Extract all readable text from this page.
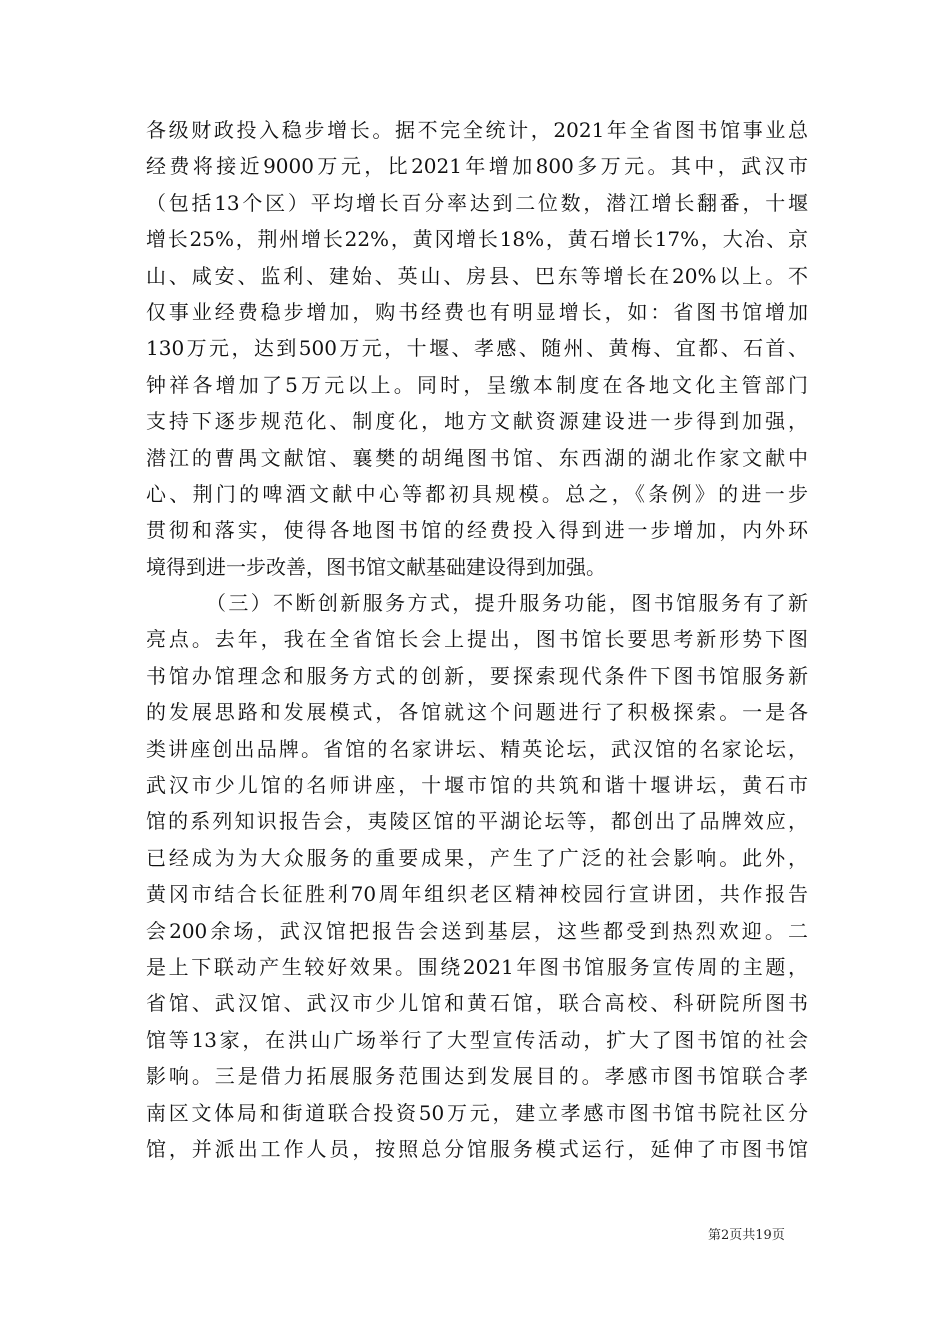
各级财政投入稳步增长。据不完全统计，2021年全省图书馆事业总
经费将接近9000万元，比2021年增加800多万元。其中，武汉市
（包括13个区）平均增长百分率达到二位数，潜江增长翻番，十堰
增长25%，荆州增长22%，黄冈增长18%，黄石增长17%，大冶、京
山、咸安、监利、建始、英山、房县、巴东等增长在20%以上。不
仅事业经费稳步增加，购书经费也有明显增长，如：省图书馆增加
130万元，达到500万元，十堰、孝感、随州、黄梅、宜都、石首、
钟祥各增加了5万元以上。同时，呈缴本制度在各地文化主管部门
支持下逐步规范化、制度化，地方文献资源建设进一步得到加强，
潜江的曹禺文献馆、襄樊的胡绳图书馆、东西湖的湖北作家文献中
心、荆门的啤酒文献中心等都初具规模。总之，《条例》的进一步
贯彻和落实，使得各地图书馆的经费投入得到进一步增加，内外环
境得到进一步改善，图书馆文献基础建设得到加强。
（三）不断创新服务方式，提升服务功能，图书馆服务有了新
亮点。去年，我在全省馆长会上提出，图书馆长要思考新形势下图
书馆办馆理念和服务方式的创新，要探索现代条件下图书馆服务新
的发展思路和发展模式，各馆就这个问题进行了积极探索。一是各
类讲座创出品牌。省馆的名家讲坛、精英论坛，武汉馆的名家论坛，
武汉市少儿馆的名师讲座，十堰市馆的共筑和谐十堰讲坛，黄石市
馆的系列知识报告会，夷陵区馆的平湖论坛等，都创出了品牌效应，
已经成为为大众服务的重要成果，产生了广泛的社会影响。此外，
黄冈市结合长征胜利70周年组织老区精神校园行宣讲团，共作报告
会200余场，武汉馆把报告会送到基层，这些都受到热烈欢迎。二
是上下联动产生较好效果。围绕2021年图书馆服务宣传周的主题，
省馆、武汉馆、武汉市少儿馆和黄石馆，联合高校、科研院所图书
馆等13家，在洪山广场举行了大型宣传活动，扩大了图书馆的社会
影响。三是借力拓展服务范围达到发展目的。孝感市图书馆联合孝
南区文体局和街道联合投资50万元，建立孝感市图书馆书院社区分
馆，并派出工作人员，按照总分馆服务模式运行，延伸了市图书馆
第2页共19页
